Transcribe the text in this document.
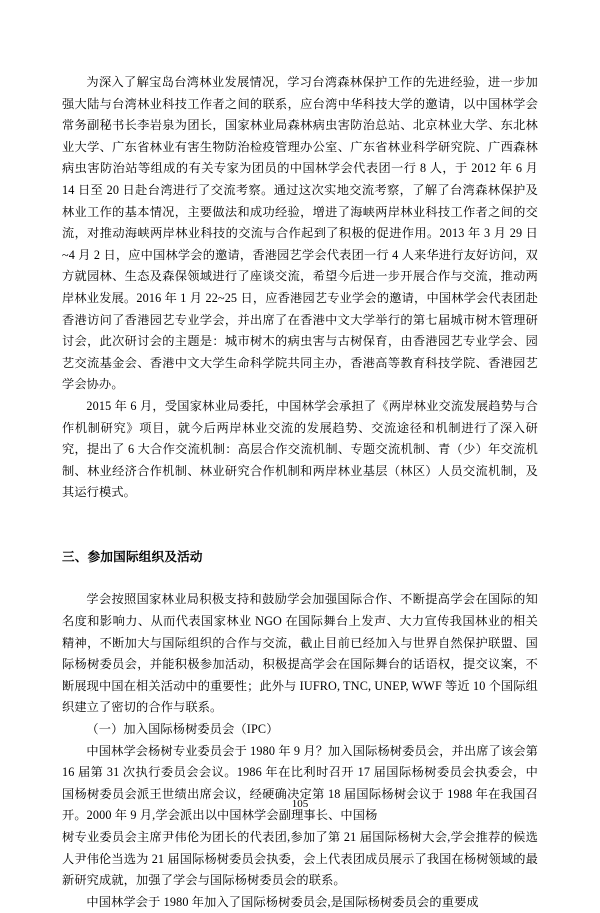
为深入了解宝岛台湾林业发展情况，学习台湾森林保护工作的先进经验，进一步加强大陆与台湾林业科技工作者之间的联系，应台湾中华科技大学的邀请，以中国林学会常务副秘书长李岩泉为团长，国家林业局森林病虫害防治总站、北京林业大学、东北林业大学、广东省林业有害生物防治检疫管理办公室、广东省林业科学研究院、广西森林病虫害防治站等组成的有关专家为团员的中国林学会代表团一行 8 人，于 2012 年 6 月 14 日至 20 日赴台湾进行了交流考察。通过这次实地交流考察，了解了台湾森林保护及林业工作的基本情况，主要做法和成功经验，增进了海峡两岸林业科技工作者之间的交流，对推动海峡两岸林业科技的交流与合作起到了积极的促进作用。2013 年 3 月 29 日~4 月 2 日，应中国林学会的邀请，香港园艺学会代表团一行 4 人来华进行友好访问，双方就园林、生态及森保领域进行了座谈交流，希望今后进一步开展合作与交流，推动两岸林业发展。2016 年 1 月 22~25 日，应香港园艺专业学会的邀请，中国林学会代表团赴香港访问了香港园艺专业学会，并出席了在香港中文大学举行的第七届城市树木管理研讨会，此次研讨会的主题是：城市树木的病虫害与古树保育，由香港园艺专业学会、园艺交流基金会、香港中文大学生命科学院共同主办，香港高等教育科技学院、香港园艺学会协办。

2015 年 6 月，受国家林业局委托，中国林学会承担了《两岸林业交流发展趋势与合作机制研究》项目，就今后两岸林业交流的发展趋势、交流途径和机制进行了深入研究，提出了 6 大合作交流机制：高层合作交流机制、专题交流机制、青（少）年交流机制、林业经济合作机制、林业研究合作机制和两岸林业基层（林区）人员交流机制，及其运行模式。

三、参加国际组织及活动

学会按照国家林业局积极支持和鼓励学会加强国际合作、不断提高学会在国际的知名度和影响力、从而代表国家林业 NGO 在国际舞台上发声、大力宣传我国林业的相关精神，不断加大与国际组织的合作与交流，截止目前已经加入与世界自然保护联盟、国际杨树委员会，并能积极参加活动，积极提高学会在国际舞台的话语权，提交议案，不断展现中国在相关活动中的重要性；此外与 IUFRO, TNC, UNEP, WWF 等近 10 个国际组织建立了密切的合作与联系。

（一）加入国际杨树委员会（IPC）

中国林学会杨树专业委员会于 1980 年 9 月？加入国际杨树委员会，并出席了该会第 16 届第 31 次执行委员会会议。1986 年在比利时召开 17 届国际杨树委员会执委会，中国杨树委员会派王世绩出席会议，经硬确决定第 18 届国际杨树会议于 1988 年在我国召开。2000 年 9 月,学会派出以中国林学会副理事长、中国杨

树专业委员会主席尹伟伦为团长的代表团,参加了第 21 届国际杨树大会,学会推荐的候选人尹伟伦当选为 21 届国际杨树委员会执委，会上代表团成员展示了我国在杨树领域的最新研究成就，加强了学会与国际杨树委员会的联系。

中国林学会于 1980 年加入了国际杨树委员会,是国际杨树委员会的重要成

105
